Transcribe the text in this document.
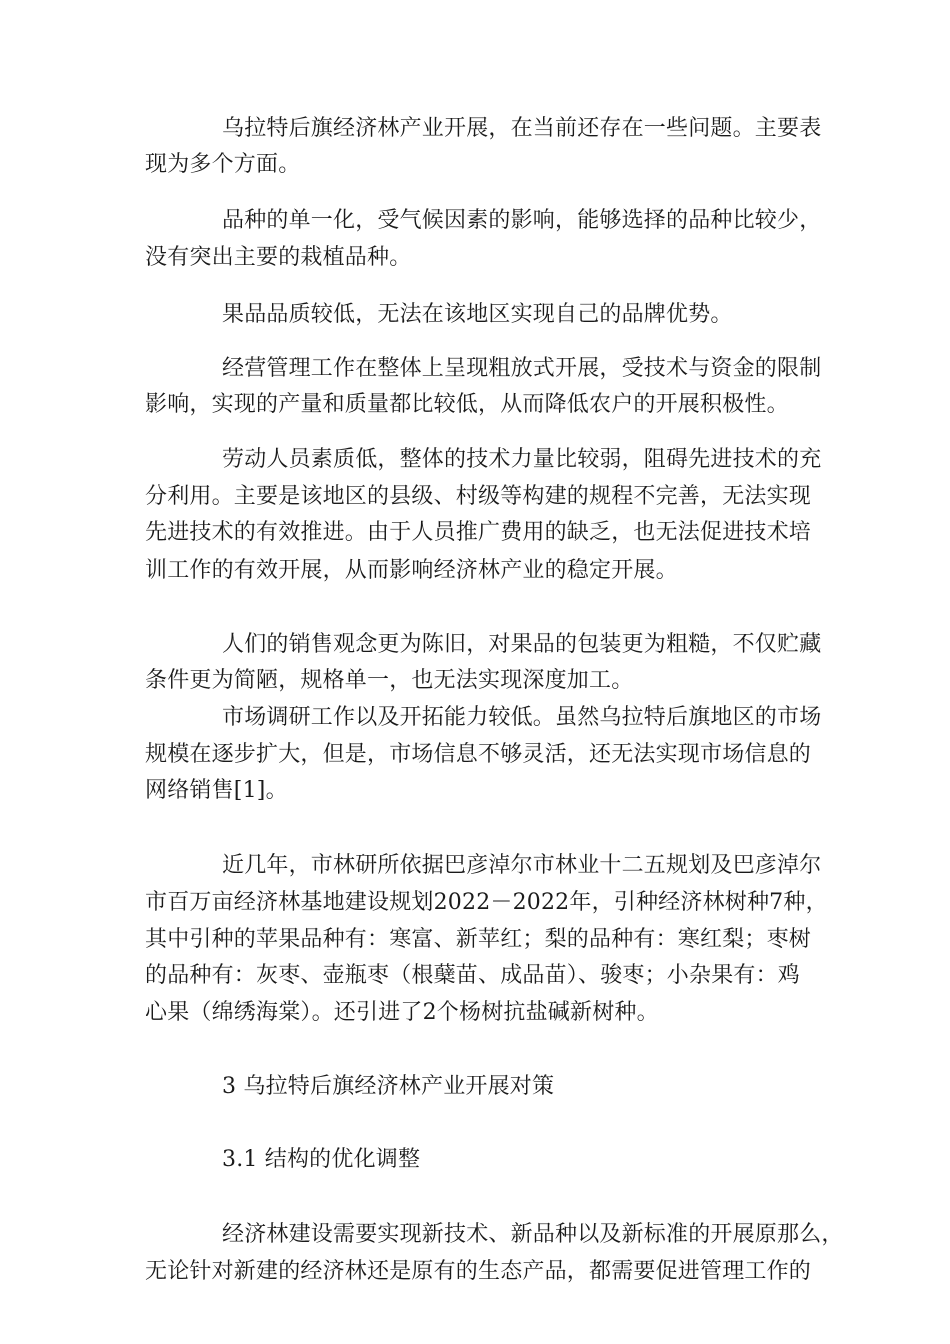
乌拉特后旗经济林产业开展，在当前还存在一些问题。主要表
现为多个方面。
品种的单一化，受气候因素的影响，能够选择的品种比较少，
没有突出主要的栽植品种。
果品品质较低，无法在该地区实现自己的品牌优势。
经营管理工作在整体上呈现粗放式开展，受技术与资金的限制
影响，实现的产量和质量都比较低，从而降低农户的开展积极性。
劳动人员素质低，整体的技术力量比较弱，阻碍先进技术的充
分利用。主要是该地区的县级、村级等构建的规程不完善，无法实现
先进技术的有效推进。由于人员推广费用的缺乏，也无法促进技术培
训工作的有效开展，从而影响经济林产业的稳定开展。
人们的销售观念更为陈旧，对果品的包装更为粗糙，不仅贮藏
条件更为简陋，规格单一，也无法实现深度加工。
市场调研工作以及开拓能力较低。虽然乌拉特后旗地区的市场
规模在逐步扩大，但是，市场信息不够灵活，还无法实现市场信息的
网络销售[1]。
近几年，市林研所依据巴彦淖尔市林业十二五规划及巴彦淖尔
市百万亩经济林基地建设规划2022－2022年，引种经济林树种7种，
其中引种的苹果品种有：寒富、新苹红；梨的品种有：寒红梨；枣树
的品种有：灰枣、壶瓶枣（根蘖苗、成品苗）、骏枣；小杂果有：鸡
心果（绵绣海棠）。还引进了2个杨树抗盐碱新树种。
3 乌拉特后旗经济林产业开展对策
3.1 结构的优化调整
经济林建设需要实现新技术、新品种以及新标准的开展原那么，
无论针对新建的经济林还是原有的生态产品，都需要促进管理工作的
